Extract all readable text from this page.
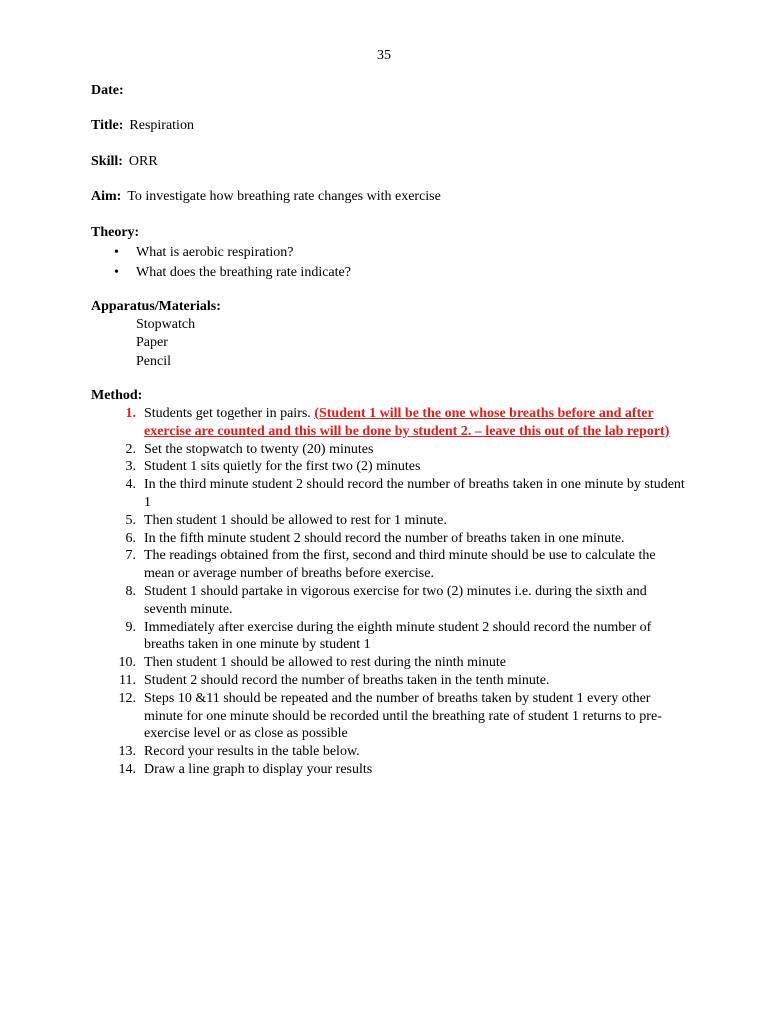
35
Date:
Title: Respiration
Skill: ORR
Aim: To investigate how breathing rate changes with exercise
Theory:
• What is aerobic respiration?
• What does the breathing rate indicate?
Apparatus/Materials:
Stopwatch
Paper
Pencil
Method:
1. Students get together in pairs. (Student 1 will be the one whose breaths before and after exercise are counted and this will be done by student 2. – leave this out of the lab report)
2. Set the stopwatch to twenty (20) minutes
3. Student 1 sits quietly for the first two (2) minutes
4. In the third minute student 2 should record the number of breaths taken in one minute by student 1
5. Then student 1 should be allowed to rest for 1 minute.
6. In the fifth minute student 2 should record the number of breaths taken in one minute.
7. The readings obtained from the first, second and third minute should be use to calculate the mean or average number of breaths before exercise.
8. Student 1 should partake in vigorous exercise for two (2) minutes i.e. during the sixth and seventh minute.
9. Immediately after exercise during the eighth minute student 2 should record the number of breaths taken in one minute by student 1
10. Then student 1 should be allowed to rest during the ninth minute
11. Student 2 should record the number of breaths taken in the tenth minute.
12. Steps 10 &11 should be repeated and the number of breaths taken by student 1 every other minute for one minute should be recorded until the breathing rate of student 1 returns to pre-exercise level or as close as possible
13. Record your results in the table below.
14. Draw a line graph to display your results
